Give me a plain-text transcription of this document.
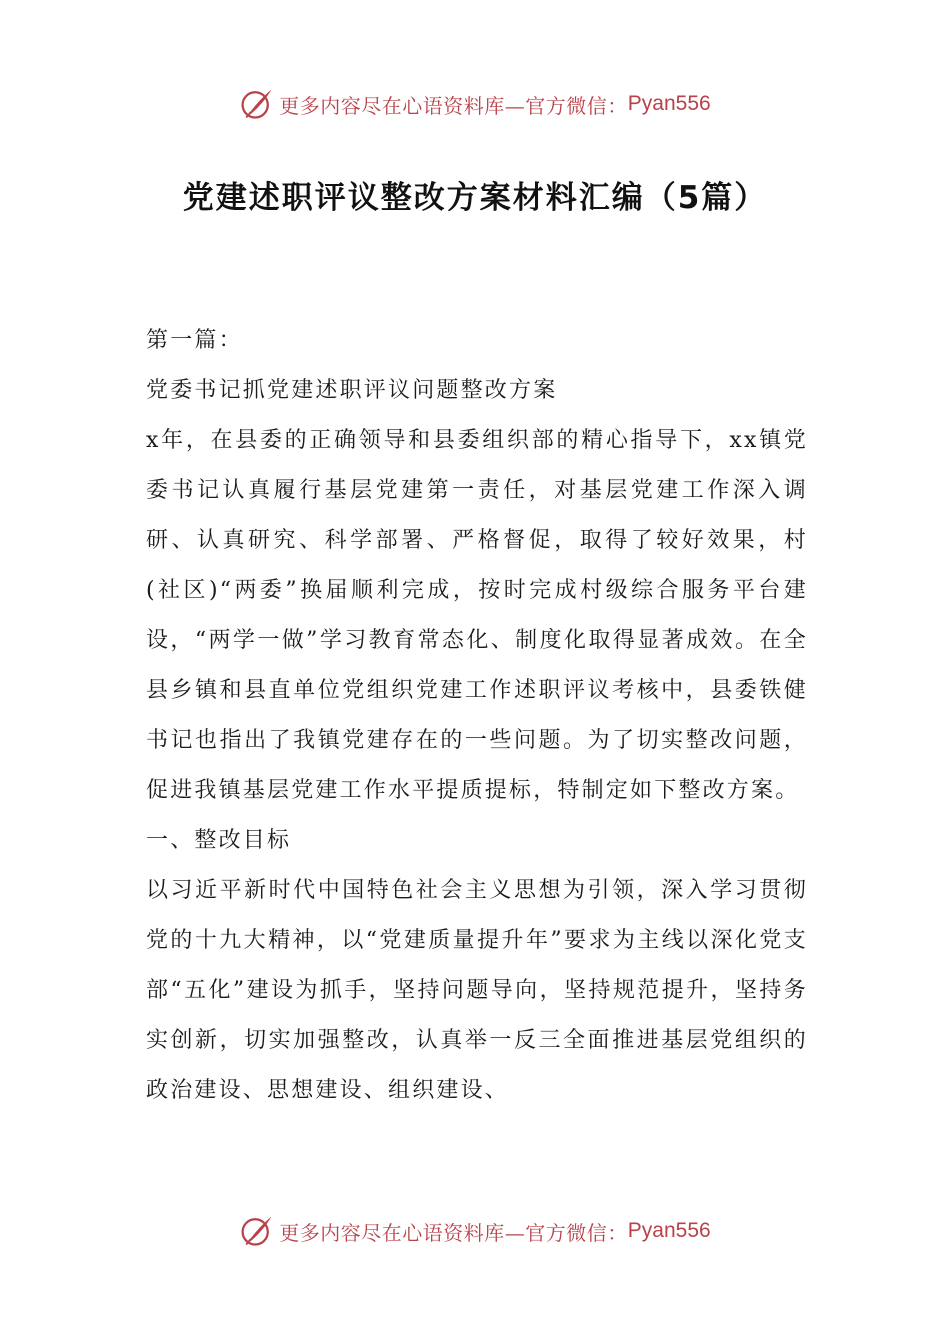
更多内容尽在心语资料库—官方微信： Pyan556
党建述职评议整改方案材料汇编（5篇）

第一篇：

党委书记抓党建述职评议问题整改方案

x年，在县委的正确领导和县委组织部的精心指导下，xx镇党委书记认真履行基层党建第一责任，对基层党建工作深入调研、认真研究、科学部署、严格督促，取得了较好效果，村(社区)“两委”换届顺利完成，按时完成村级综合服务平台建设，“两学一做”学习教育常态化、制度化取得显著成效。在全县乡镇和县直单位党组织党建工作述职评议考核中，县委铁健书记也指出了我镇党建存在的一些问题。为了切实整改问题，促进我镇基层党建工作水平提质提标，特制定如下整改方案。

一、整改目标

以习近平新时代中国特色社会主义思想为引领，深入学习贯彻党的十九大精神，以“党建质量提升年”要求为主线以深化党支部“五化”建设为抓手，坚持问题导向，坚持规范提升，坚持务实创新，切实加强整改，认真举一反三全面推进基层党组织的政治建设、思想建设、组织建设、

更多内容尽在心语资料库—官方微信： Pyan556
